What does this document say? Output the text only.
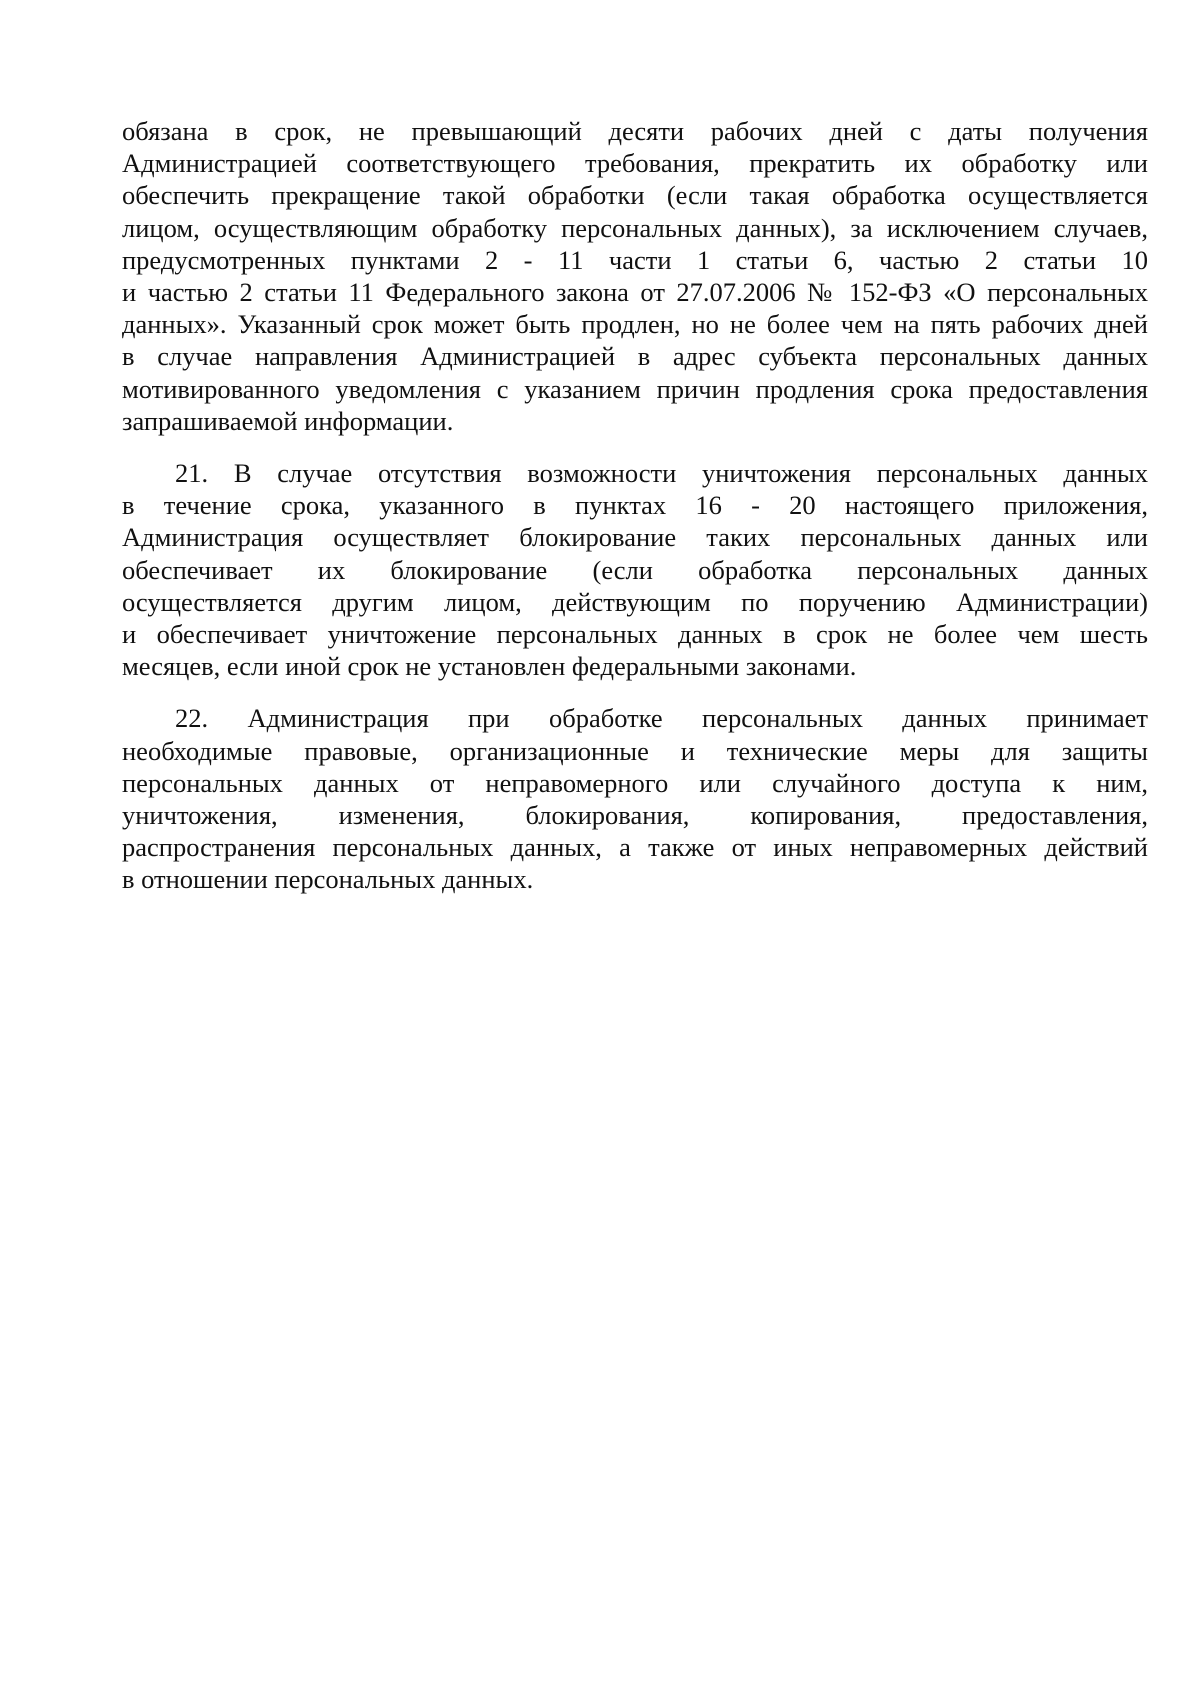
обязана в срок, не превышающий десяти рабочих дней с даты получения
Администрацией соответствующего требования, прекратить их обработку или
обеспечить прекращение такой обработки (если такая обработка осуществляется
лицом, осуществляющим обработку персональных данных), за исключением случаев,
предусмотренных пунктами 2 - 11 части 1 статьи 6, частью 2 статьи 10
и частью 2 статьи 11 Федерального закона от 27.07.2006 № 152-ФЗ «О персональных
данных». Указанный срок может быть продлен, но не более чем на пять рабочих дней
в случае направления Администрацией в адрес субъекта персональных данных
мотивированного уведомления с указанием причин продления срока предоставления
запрашиваемой информации.

21. В случае отсутствия возможности уничтожения персональных данных
в течение срока, указанного в пунктах 16 - 20 настоящего приложения,
Администрация осуществляет блокирование таких персональных данных или
обеспечивает их блокирование (если обработка персональных данных
осуществляется другим лицом, действующим по поручению Администрации)
и обеспечивает уничтожение персональных данных в срок не более чем шесть
месяцев, если иной срок не установлен федеральными законами.

22. Администрация при обработке персональных данных принимает
необходимые правовые, организационные и технические меры для защиты
персональных данных от неправомерного или случайного доступа к ним,
уничтожения, изменения, блокирования, копирования, предоставления,
распространения персональных данных, а также от иных неправомерных действий
в отношении персональных данных.
